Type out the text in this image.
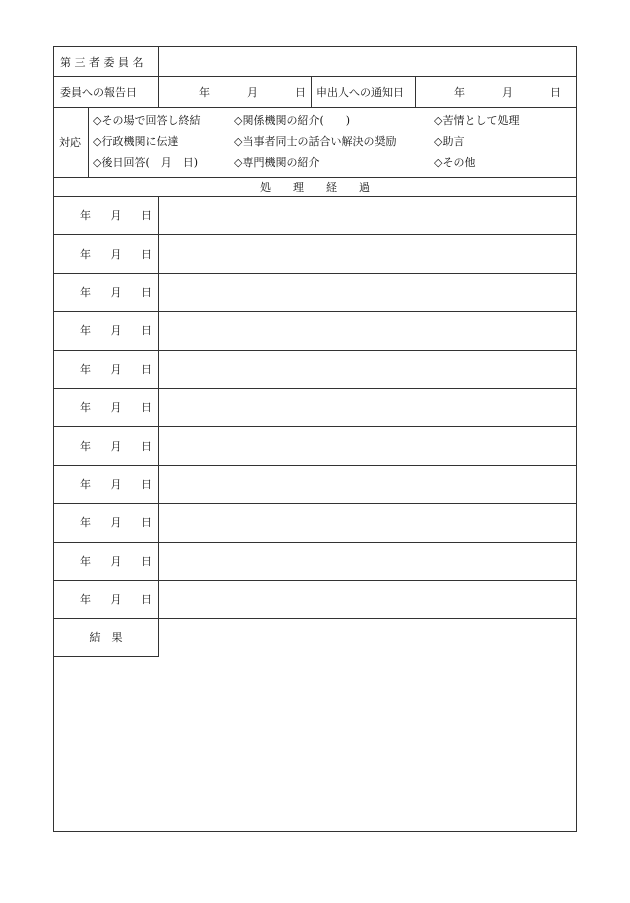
第 三 者 委 員 名
委員への報告日	年	月	日 申出人への通知日	年	月	日
対応
◇その場で回答し終結	◇関係機関の紹介(　　)	◇苦情として処理
◇行政機関に伝達	◇当事者同士の話合い解決の奨励	◇助言
◇後日回答(　月　日)	◇専門機関の紹介	◇その他
処　　理　　経　　過
年 月 日
年 月 日
年 月 日
年 月 日
年 月 日
年 月 日
年 月 日
年 月 日
年 月 日
年 月 日
年 月 日
結　果
